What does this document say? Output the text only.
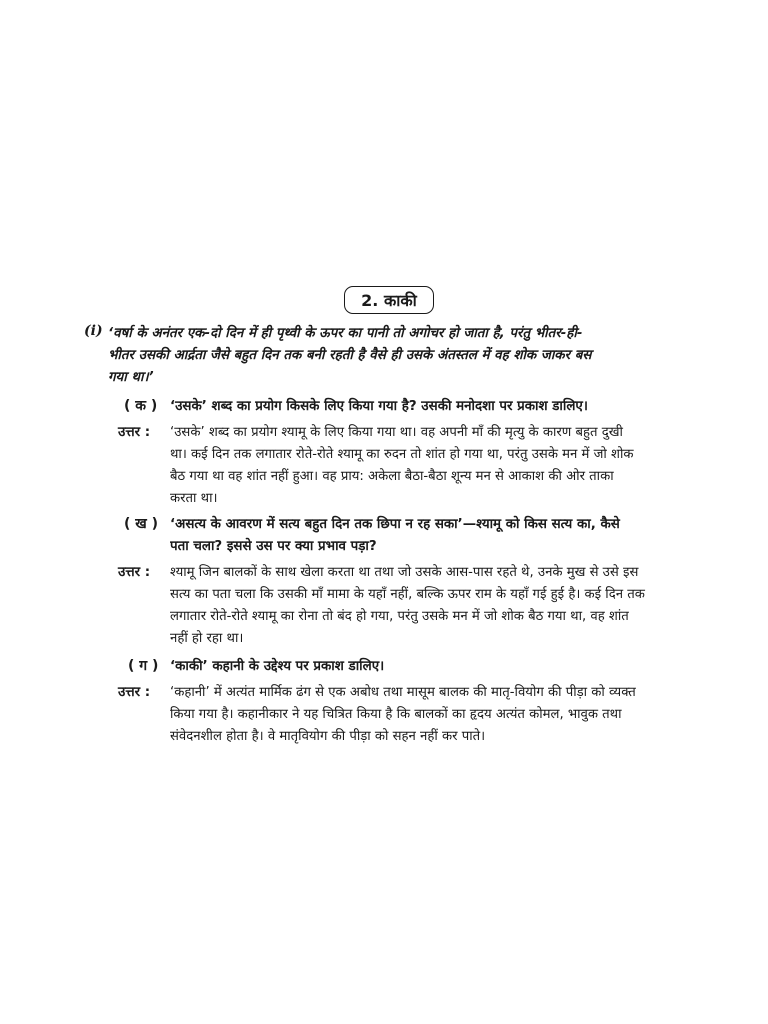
2. काकी
(i) ‘वर्षा के अनंतर एक-दो दिन में ही पृथ्वी के ऊपर का पानी तो अगोचर हो जाता है, परंतु भीतर-ही-
भीतर उसकी आर्द्रता जैसे बहुत दिन तक बनी रहती है वैसे ही उसके अंतस्तल में वह शोक जाकर बस
गया था।’
( क ) ‘उसके’ शब्द का प्रयोग किसके लिए किया गया है? उसकी मनोदशा पर प्रकाश डालिए।
उत्तर : ‘उसके’ शब्द का प्रयोग श्यामू के लिए किया गया था। वह अपनी माँ की मृत्यु के कारण बहुत दुखी
था। कई दिन तक लगातार रोते-रोते श्यामू का रुदन तो शांत हो गया था, परंतु उसके मन में जो शोक
बैठ गया था वह शांत नहीं हुआ। वह प्राय: अकेला बैठा-बैठा शून्य मन से आकाश की ओर ताका
करता था।
( ख ) ‘असत्य के आवरण में सत्य बहुत दिन तक छिपा न रह सका’—श्यामू को किस सत्य का, कैसे
पता चला? इससे उस पर क्या प्रभाव पड़ा?
उत्तर : श्यामू जिन बालकों के साथ खेला करता था तथा जो उसके आस-पास रहते थे, उनके मुख से उसे इस
सत्य का पता चला कि उसकी माँ मामा के यहाँ नहीं, बल्कि ऊपर राम के यहाँ गई हुई है। कई दिन तक
लगातार रोते-रोते श्यामू का रोना तो बंद हो गया, परंतु उसके मन में जो शोक बैठ गया था, वह शांत
नहीं हो रहा था।
( ग ) ‘काकी’ कहानी के उद्देश्य पर प्रकाश डालिए।
उत्तर : ‘कहानी’ में अत्यंत मार्मिक ढंग से एक अबोध तथा मासूम बालक की मातृ-वियोग की पीड़ा को व्यक्त
किया गया है। कहानीकार ने यह चित्रित किया है कि बालकों का हृदय अत्यंत कोमल, भावुक तथा
संवेदनशील होता है। वे मातृवियोग की पीड़ा को सहन नहीं कर पाते।
